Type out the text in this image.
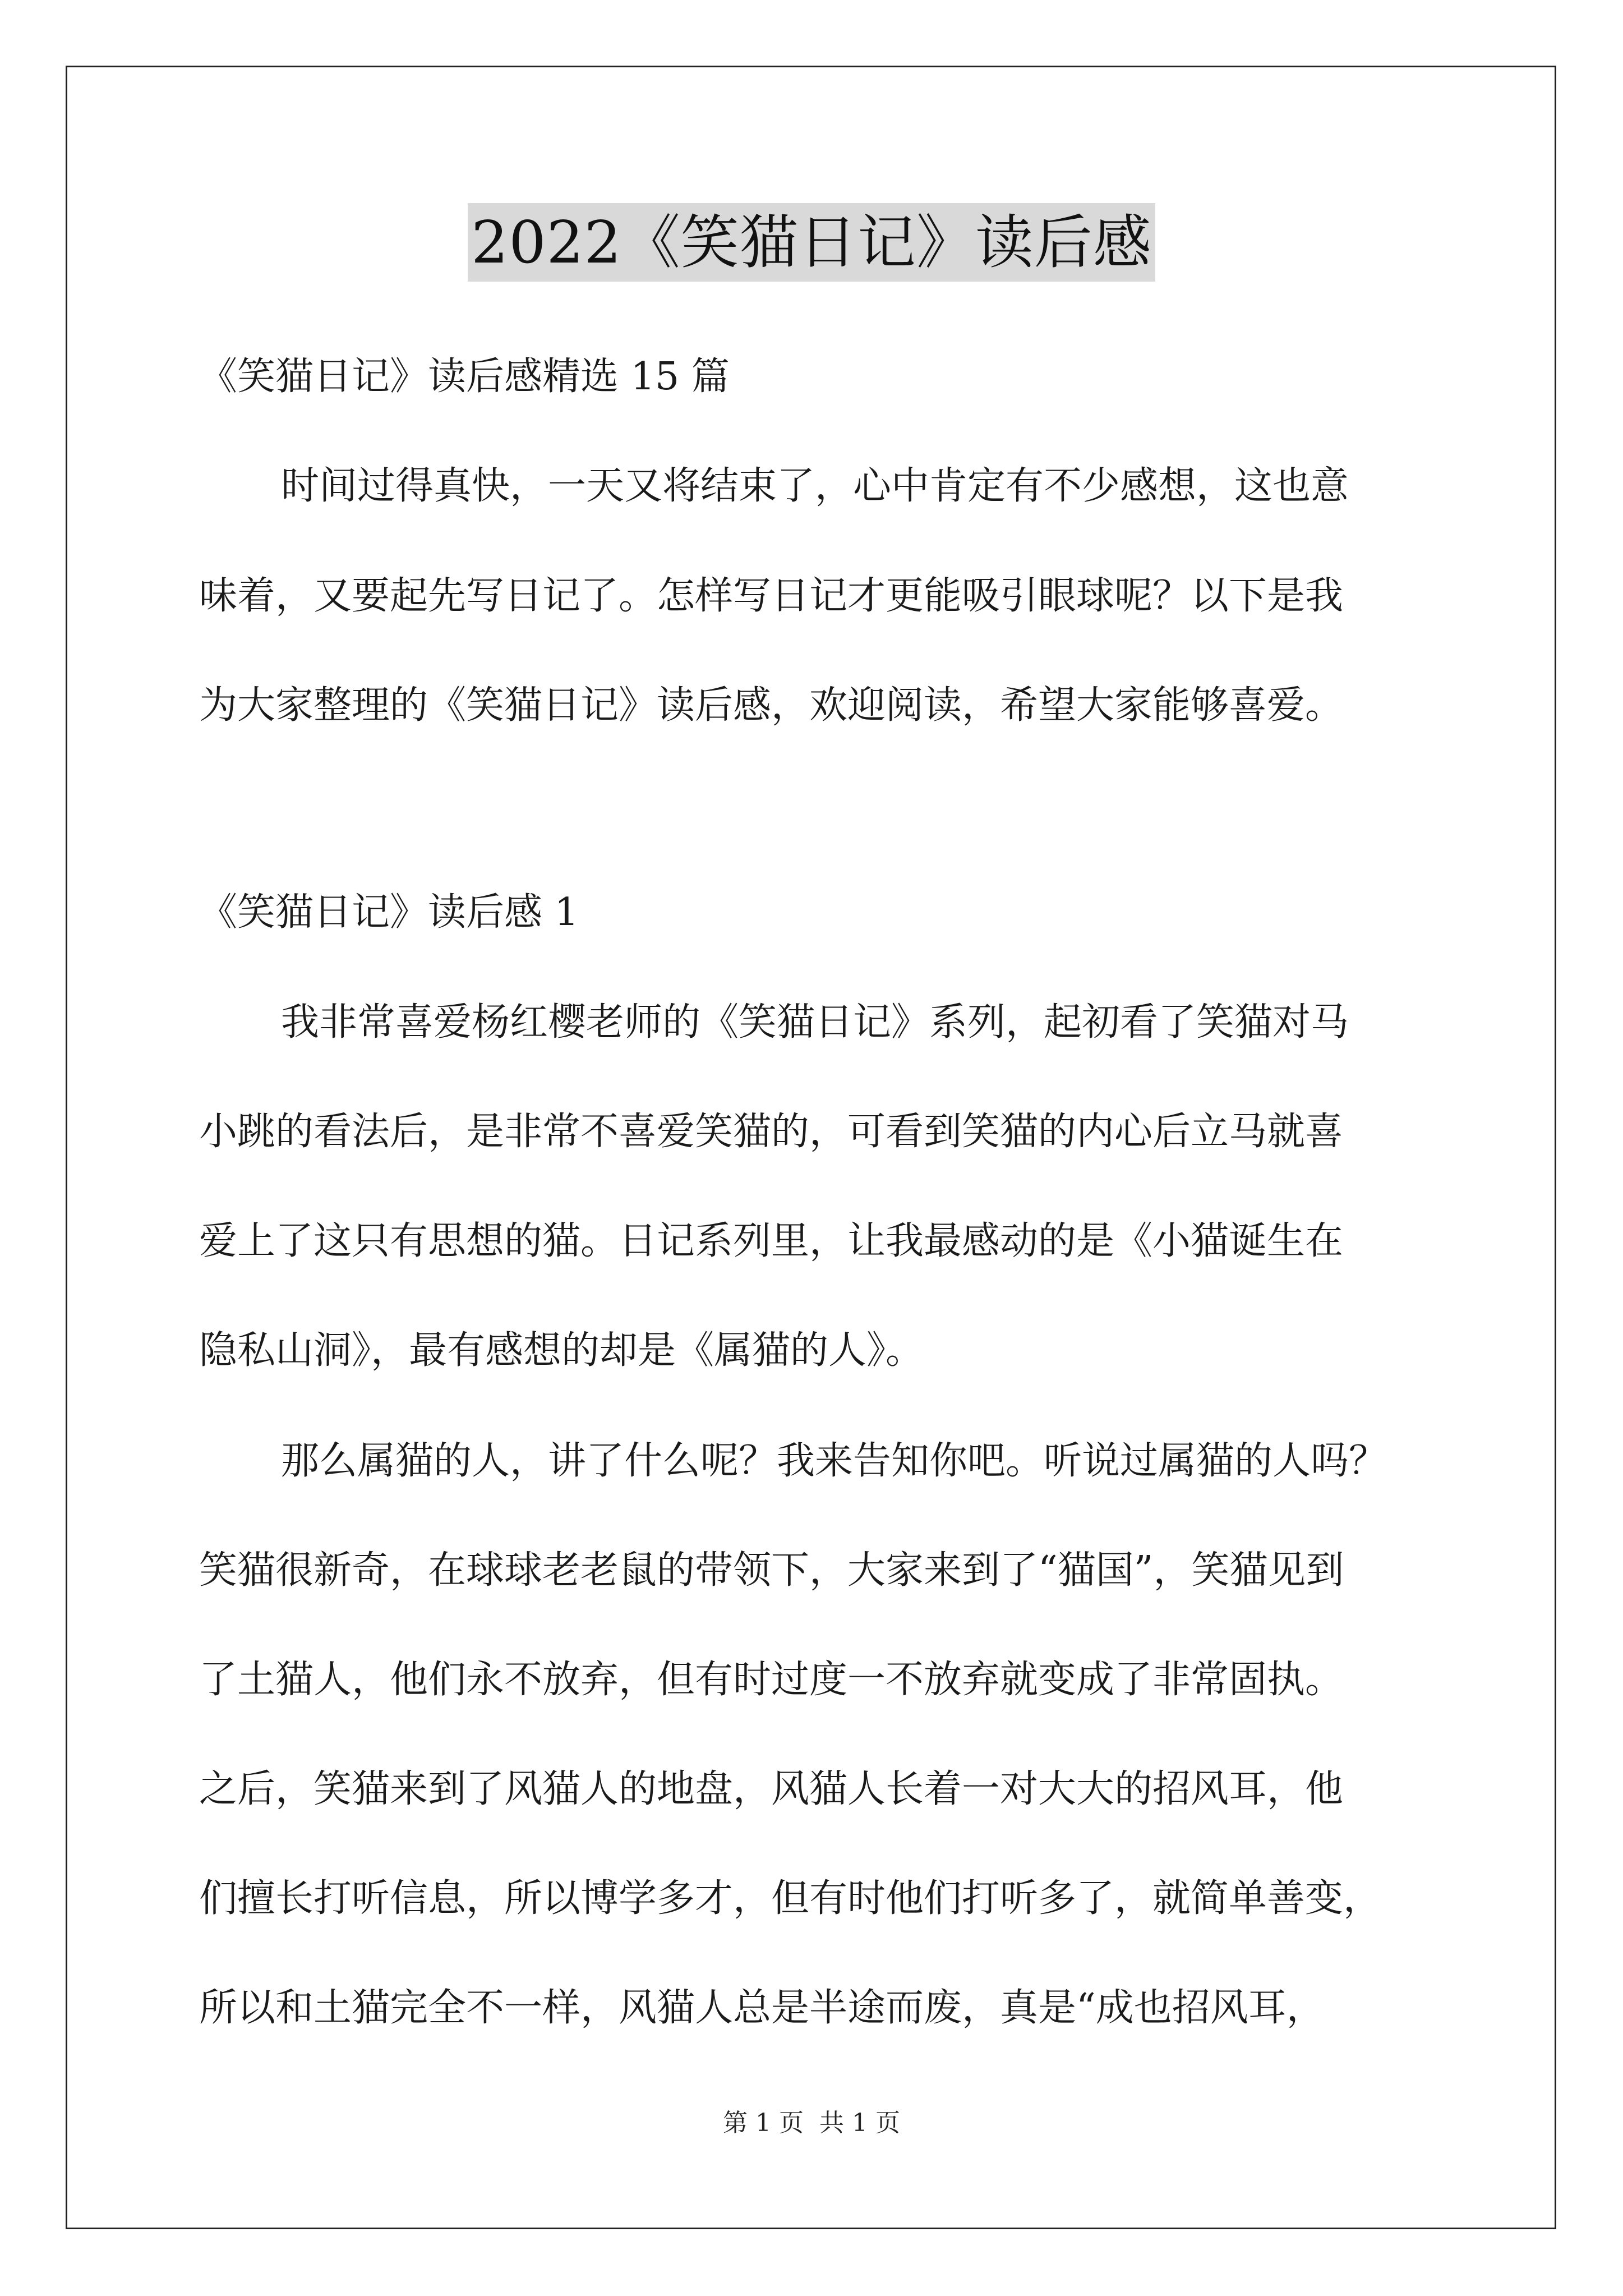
2022《笑猫日记》读后感
《笑猫日记》读后感精选 15 篇
时间过得真快，一天又将结束了，心中肯定有不少感想，这也意
味着，又要起先写日记了。怎样写日记才更能吸引眼球呢？以下是我
为大家整理的《笑猫日记》读后感，欢迎阅读，希望大家能够喜爱。
《笑猫日记》读后感 1
我非常喜爱杨红樱老师的《笑猫日记》系列，起初看了笑猫对马
小跳的看法后，是非常不喜爱笑猫的，可看到笑猫的内心后立马就喜
爱上了这只有思想的猫。日记系列里，让我最感动的是《小猫诞生在
隐私山洞》，最有感想的却是《属猫的人》。
那么属猫的人，讲了什么呢？我来告知你吧。听说过属猫的人吗？
笑猫很新奇，在球球老老鼠的带领下，大家来到了“猫国”，笑猫见到
了土猫人，他们永不放弃，但有时过度一不放弃就变成了非常固执。
之后，笑猫来到了风猫人的地盘，风猫人长着一对大大的招风耳，他
们擅长打听信息，所以博学多才，但有时他们打听多了，就简单善变，
所以和土猫完全不一样，风猫人总是半途而废，真是“成也招风耳，
第 1 页 共 1 页
